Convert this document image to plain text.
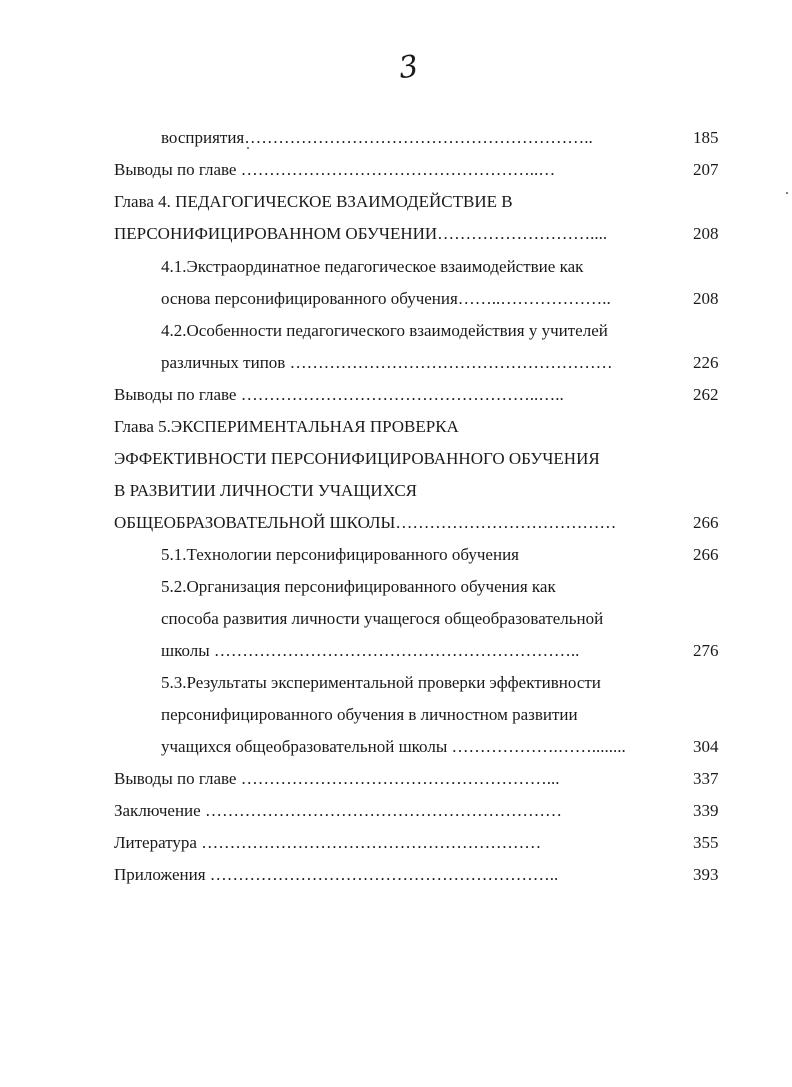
3
восприятия……………………………………………………..	185
Выводы по главе ……………………………………………..…	207
Глава 4. ПЕДАГОГИЧЕСКОЕ ВЗАИМОДЕЙСТВИЕ В
ПЕРСОНИФИЦИРОВАННОМ ОБУЧЕНИИ………………………....	208
4.1.Экстраординатное педагогическое взаимодействие как
основа персонифицированного обучения……..………………..	208
4.2.Особенности педагогического взаимодействия у учителей
различных типов …………………………………………………	226
Выводы по главе ……………………………………………..…..	262
Глава 5.ЭКСПЕРИМЕНТАЛЬНАЯ ПРОВЕРКА
ЭФФЕКТИВНОСТИ ПЕРСОНИФИЦИРОВАННОГО ОБУЧЕНИЯ
В РАЗВИТИИ ЛИЧНОСТИ УЧАЩИХСЯ
ОБЩЕОБРАЗОВАТЕЛЬНОЙ ШКОЛЫ…………………………………	266
5.1.Технологии персонифицированного обучения	266
5.2.Организация персонифицированного обучения как
способа развития личности учащегося общеобразовательной
школы ………………………………………………………..	276
5.3.Результаты экспериментальной проверки эффективности
персонифицированного обучения в личностном развитии
учащихся общеобразовательной школы ……………….……........	304
Выводы по главе ………………………………………………...	337
Заключение ………………………………………………………	339
Литература ……………………………………………………	355
Приложения ……………………………………………………..	393
